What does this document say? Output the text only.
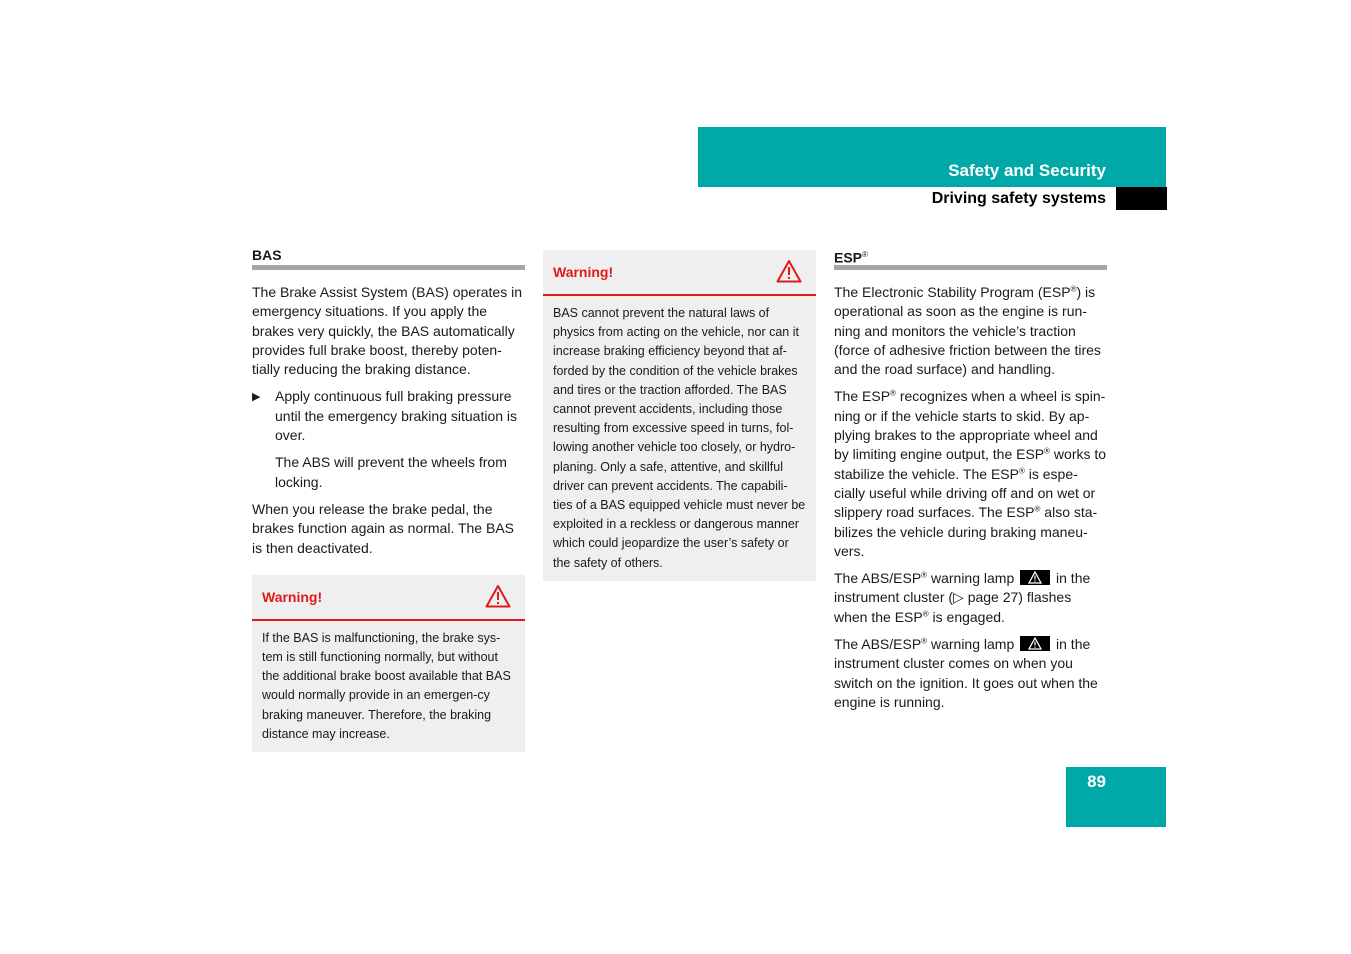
Safety and Security
Driving safety systems
BAS

The Brake Assist System (BAS) operates in emergency situations. If you apply the brakes very quickly, the BAS automatically provides full brake boost, thereby poten-tially reducing the braking distance.

▶	Apply continuous full braking pressure until the emergency braking situation is over.

The ABS will prevent the wheels from locking.

When you release the brake pedal, the brakes function again as normal. The BAS is then deactivated.

Warning!
If the BAS is malfunctioning, the brake sys-tem is still functioning normally, but without the additional brake boost available that BAS would normally provide in an emergen-cy braking maneuver. Therefore, the braking distance may increase.
Warning!
BAS cannot prevent the natural laws of physics from acting on the vehicle, nor can it increase braking efficiency beyond that af-forded by the condition of the vehicle brakes and tires or the traction afforded. The BAS cannot prevent accidents, including those resulting from excessive speed in turns, fol-lowing another vehicle too closely, or hydro-planing. Only a safe, attentive, and skillful driver can prevent accidents. The capabili-ties of a BAS equipped vehicle must never be exploited in a reckless or dangerous manner which could jeopardize the user’s safety or the safety of others.
ESP®

The Electronic Stability Program (ESP®) is operational as soon as the engine is run-ning and monitors the vehicle’s traction (force of adhesive friction between the tires and the road surface) and handling.

The ESP® recognizes when a wheel is spin-ning or if the vehicle starts to skid. By ap-plying brakes to the appropriate wheel and by limiting engine output, the ESP® works to stabilize the vehicle. The ESP® is espe-cially useful while driving off and on wet or slippery road surfaces. The ESP® also sta-bilizes the vehicle during braking maneu-vers.

The ABS/ESP® warning lamp	in the instrument cluster (▷ page 27) flashes when the ESP® is engaged.

The ABS/ESP® warning lamp	in the instrument cluster comes on when you switch on the ignition. It goes out when the engine is running.

89
